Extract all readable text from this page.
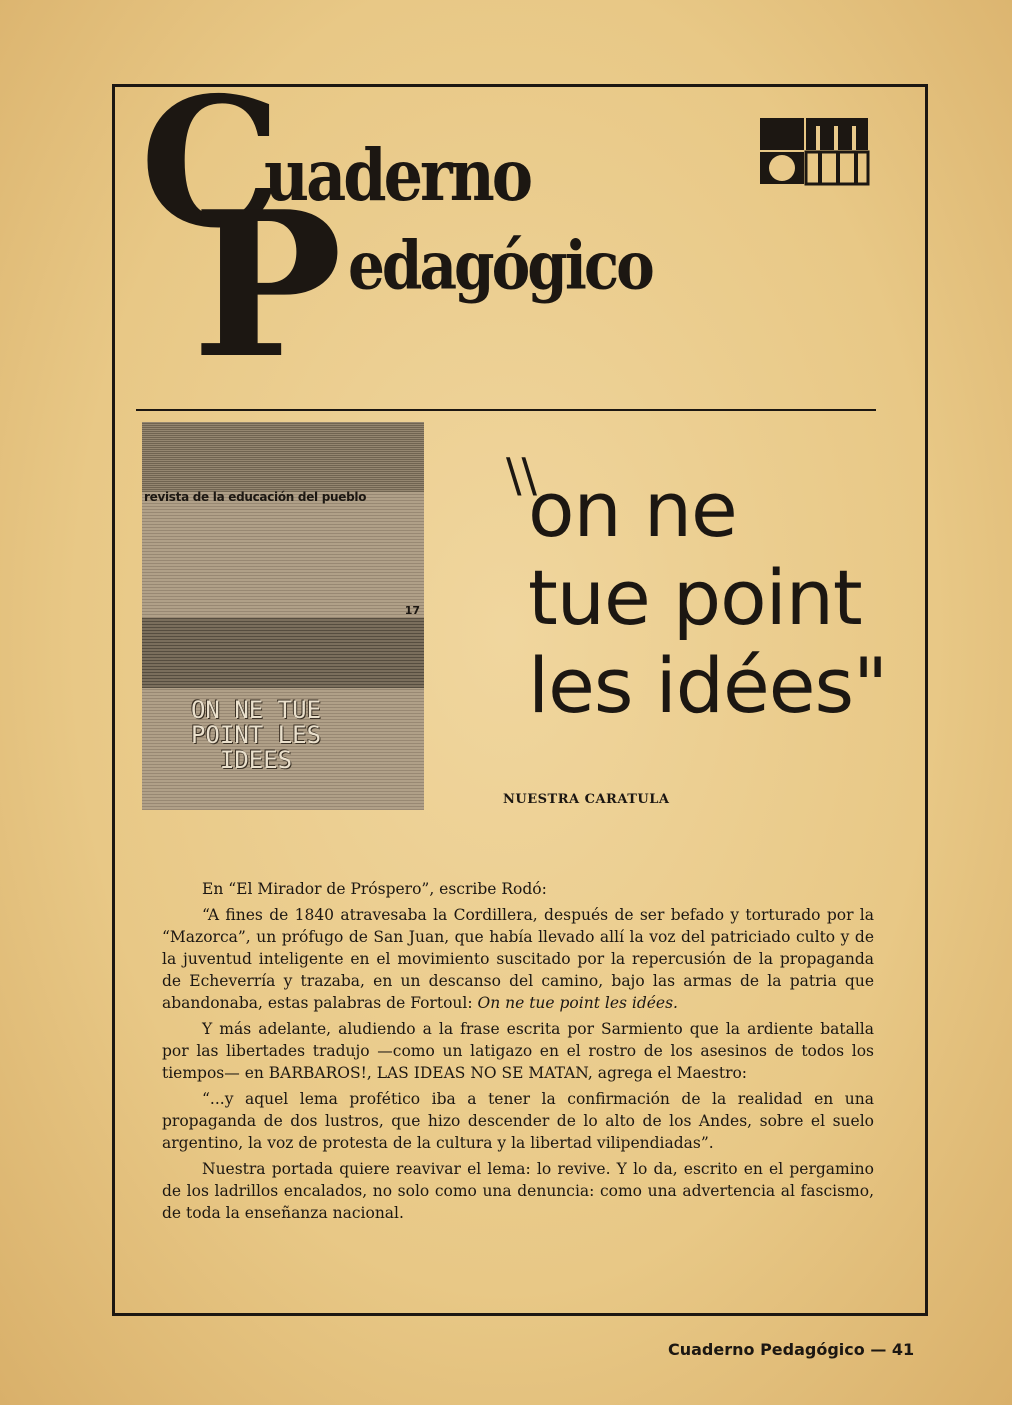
C
uaderno
P edagógico
revista de la educación del pueblo
17
ON NE TUE
POINT LES
IDEES
\\
on ne
tue point
les idées"
NUESTRA CARATULA

En “El Mirador de Próspero”, escribe Rodó:

“A fines de 1840 atravesaba la Cordillera, después de ser befado y torturado por la “Mazorca”, un prófugo de San Juan, que había llevado allí la voz del patriciado culto y de la juventud inteligente en el movimiento suscitado por la repercusión de la propaganda de Echeverría y trazaba, en un descanso del camino, bajo las armas de la patria que abandonaba, estas palabras de Fortoul: On ne tue point les idées.

Y más adelante, aludiendo a la frase escrita por Sarmiento que la ardiente batalla por las libertades tradujo —como un latigazo en el rostro de los asesinos de todos los tiempos— en BARBAROS!, LAS IDEAS NO SE MATAN, agrega el Maestro:

“...y aquel lema profético iba a tener la confirmación de la realidad en una propaganda de dos lustros, que hizo descender de lo alto de los Andes, sobre el suelo argentino, la voz de protesta de la cultura y la libertad vilipendiadas”.

Nuestra portada quiere reavivar el lema: lo revive. Y lo da, escrito en el pergamino de los ladrillos encalados, no solo como una denuncia: como una advertencia al fascismo, de toda la enseñanza nacional.

Cuaderno Pedagógico — 41
